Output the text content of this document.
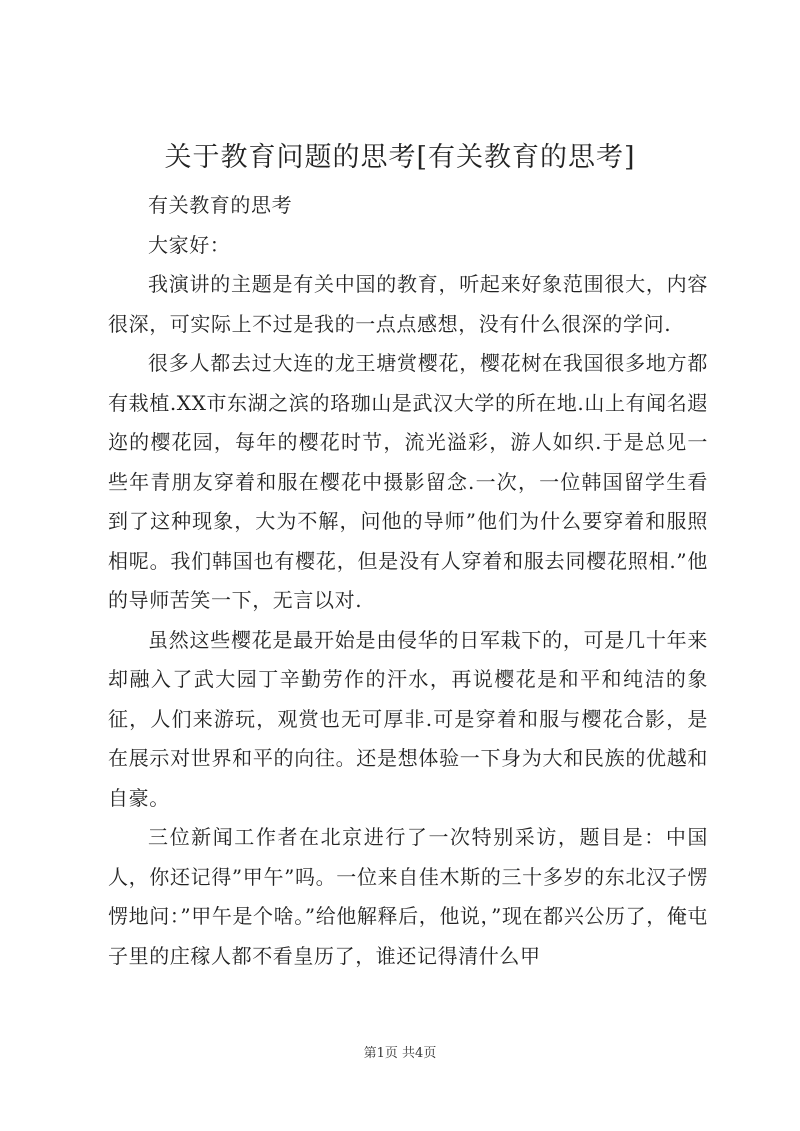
关于教育问题的思考[有关教育的思考]

有关教育的思考

大家好：

我演讲的主题是有关中国的教育，听起来好象范围很大，内容很深，可实际上不过是我的一点点感想，没有什么很深的学问.

很多人都去过大连的龙王塘赏樱花，樱花树在我国很多地方都有栽植.XX市东湖之滨的珞珈山是武汉大学的所在地.山上有闻名遐迩的樱花园，每年的樱花时节，流光溢彩，游人如织.于是总见一些年青朋友穿着和服在樱花中摄影留念.一次，一位韩国留学生看到了这种现象，大为不解，问他的导师”他们为什么要穿着和服照相呢。我们韩国也有樱花，但是没有人穿着和服去同樱花照相.”他的导师苦笑一下，无言以对.

虽然这些樱花是最开始是由侵华的日军栽下的，可是几十年来却融入了武大园丁辛勤劳作的汗水，再说樱花是和平和纯洁的象征，人们来游玩，观赏也无可厚非.可是穿着和服与樱花合影，是在展示对世界和平的向往。还是想体验一下身为大和民族的优越和自豪。

三位新闻工作者在北京进行了一次特别采访，题目是：中国人，你还记得”甲午”吗。一位来自佳木斯的三十多岁的东北汉子愣愣地问：”甲午是个啥。”给他解释后，他说，”现在都兴公历了，俺屯子里的庄稼人都不看皇历了，谁还记得清什么甲

第1页 共4页
